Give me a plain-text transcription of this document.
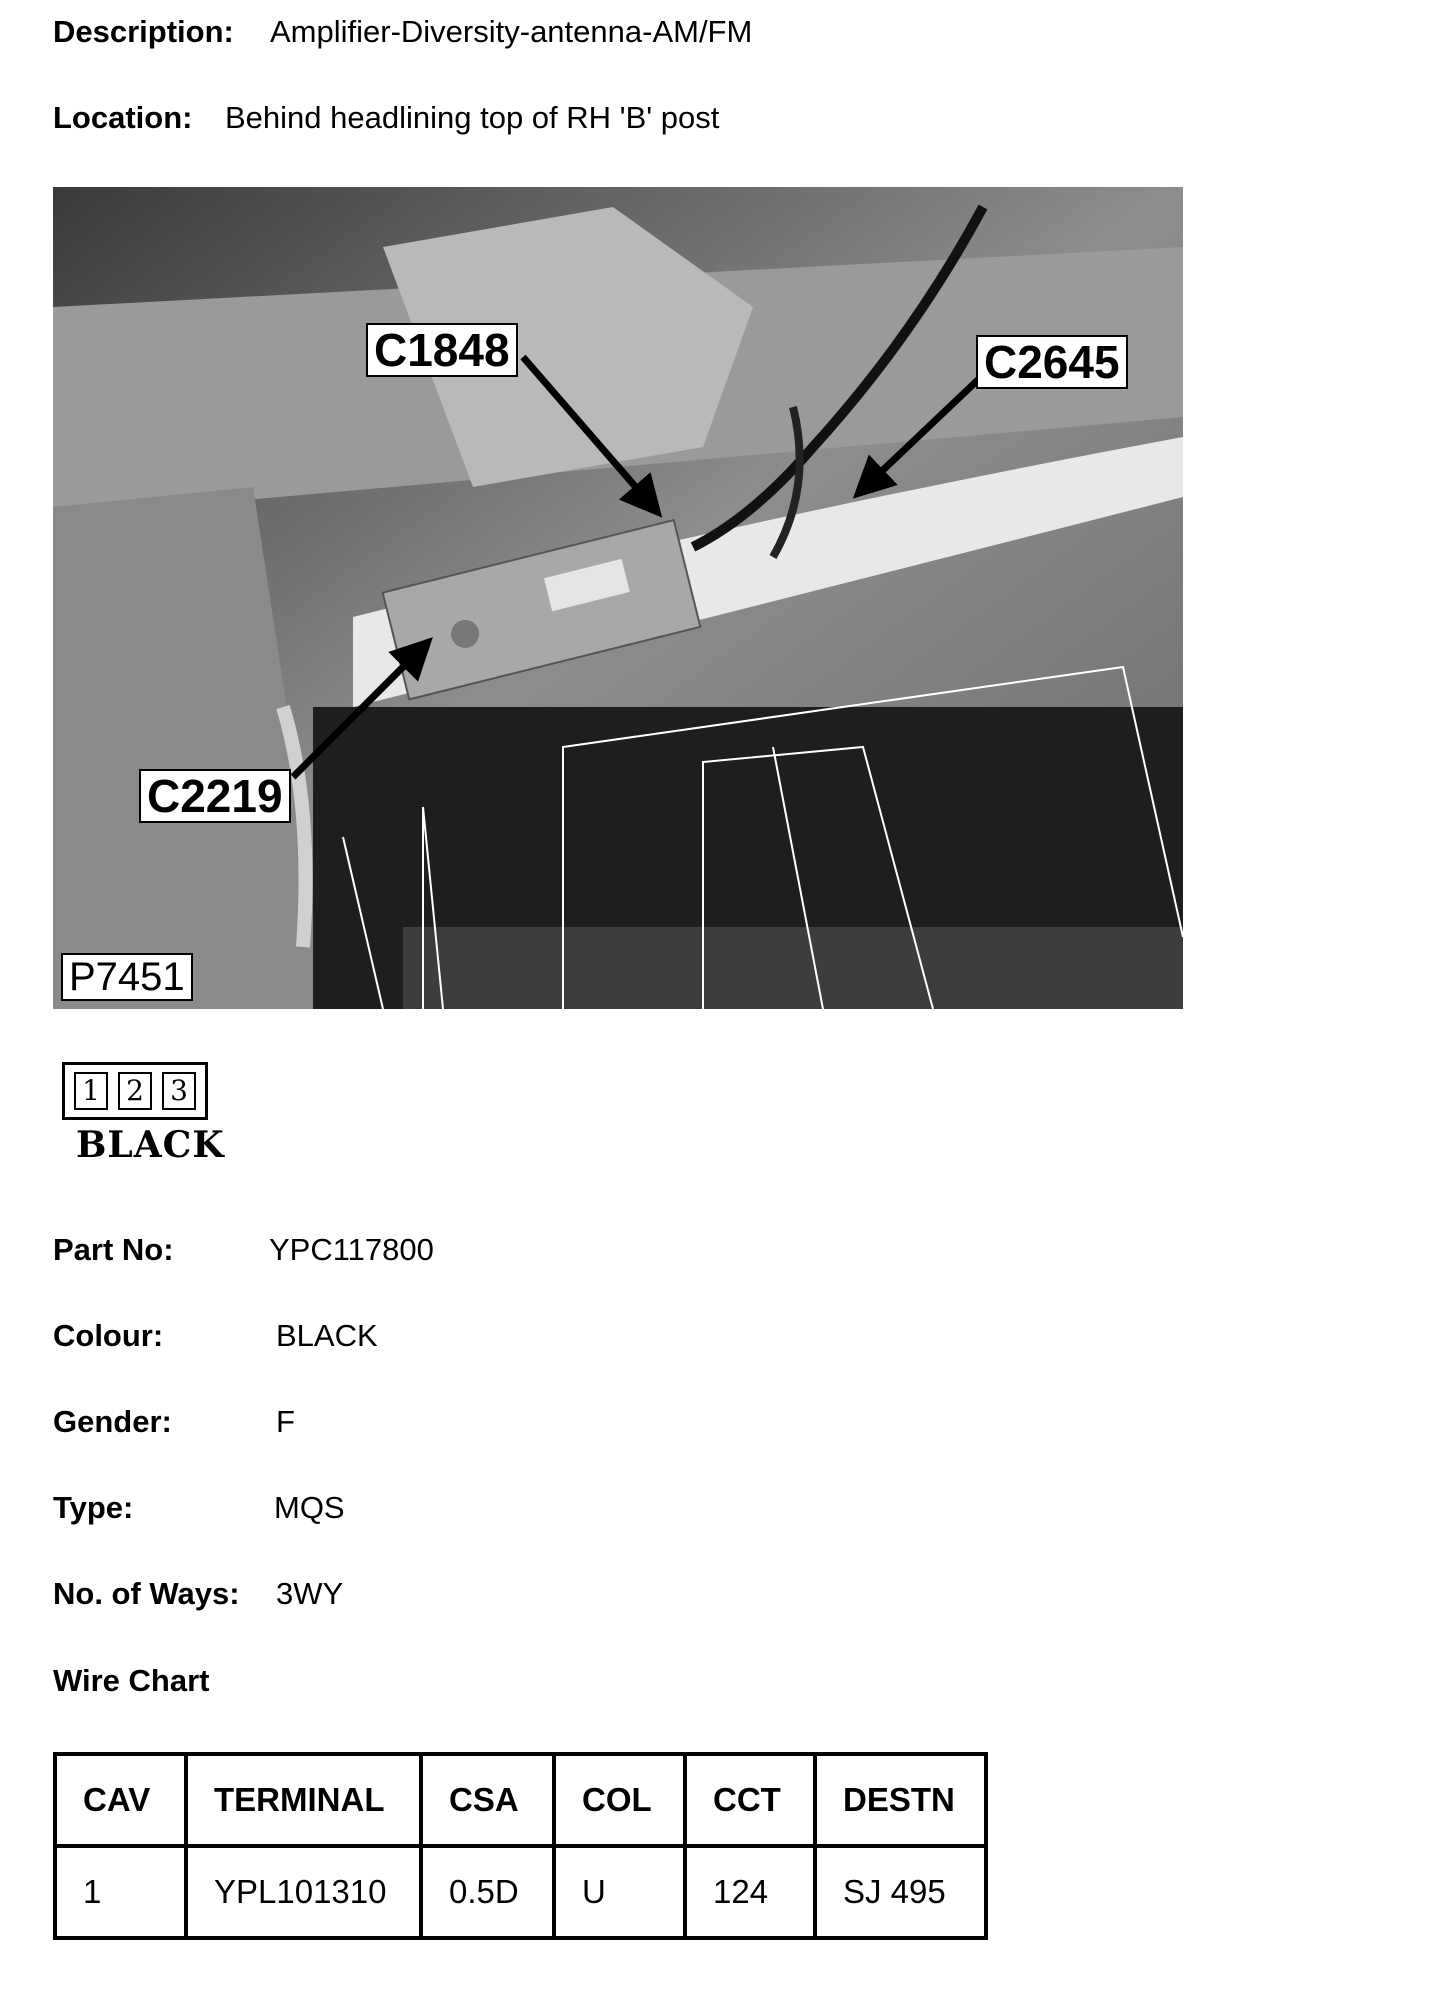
Description: Amplifier-Diversity-antenna-AM/FM
Location: Behind headlining top of RH 'B' post
C1848	C2645
C2219
P7451
1 2 3
BLACK
Part No:	YPC117800
Colour:	BLACK
Gender:	F
Type:	MQS
No. of Ways: 3WY
Wire Chart
CAV	TERMINAL	CSA	COL	CCT	DESTN
1	YPL101310	0.5D	U	124	SJ 495
